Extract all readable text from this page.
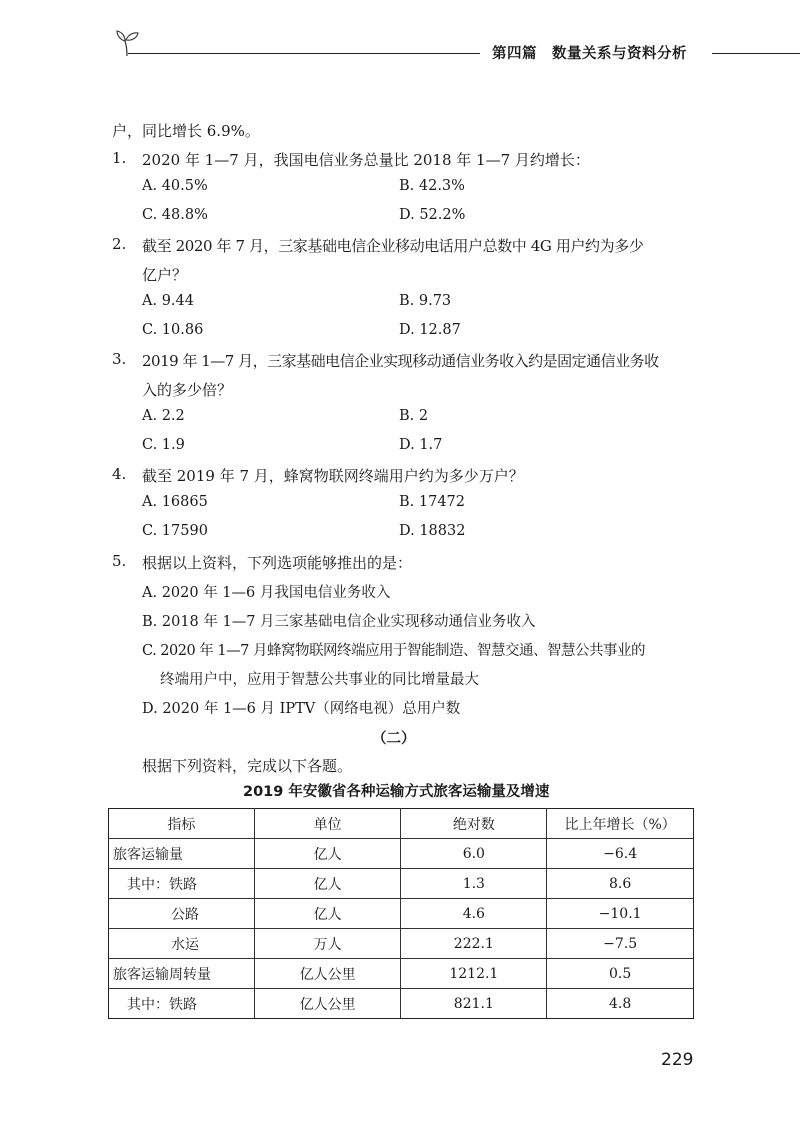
第四篇　数量关系与资料分析
户，同比增长 6.9%。
1. 2020 年 1—7 月，我国电信业务总量比 2018 年 1—7 月约增长：
A. 40.5%	B. 42.3%
C. 48.8%	D. 52.2%
2. 截至 2020 年 7 月，三家基础电信企业移动电话用户总数中 4G 用户约为多少
亿户？
A. 9.44	B. 9.73
C. 10.86	D. 12.87
3. 2019 年 1—7 月，三家基础电信企业实现移动通信业务收入约是固定通信业务收
入的多少倍？
A. 2.2	B. 2
C. 1.9	D. 1.7
4. 截至 2019 年 7 月，蜂窝物联网终端用户约为多少万户？
A. 16865	B. 17472
C. 17590	D. 18832
5. 根据以上资料，下列选项能够推出的是：
A. 2020 年 1—6 月我国电信业务收入
B. 2018 年 1—7 月三家基础电信企业实现移动通信业务收入
C. 2020 年 1—7 月蜂窝物联网终端应用于智能制造、智慧交通、智慧公共事业的
终端用户中，应用于智慧公共事业的同比增量最大
D. 2020 年 1—6 月 IPTV（网络电视）总用户数
（二）
根据下列资料，完成以下各题。
2019 年安徽省各种运输方式旅客运输量及增速
指标	单位	绝对数	比上年增长（%）
旅客运输量	亿人	6.0	−6.4
其中：铁路	亿人	1.3	8.6
公路	亿人	4.6	−10.1
水运	万人	222.1	−7.5
旅客运输周转量	亿人公里	1212.1	0.5
其中：铁路	亿人公里	821.1	4.8
229
